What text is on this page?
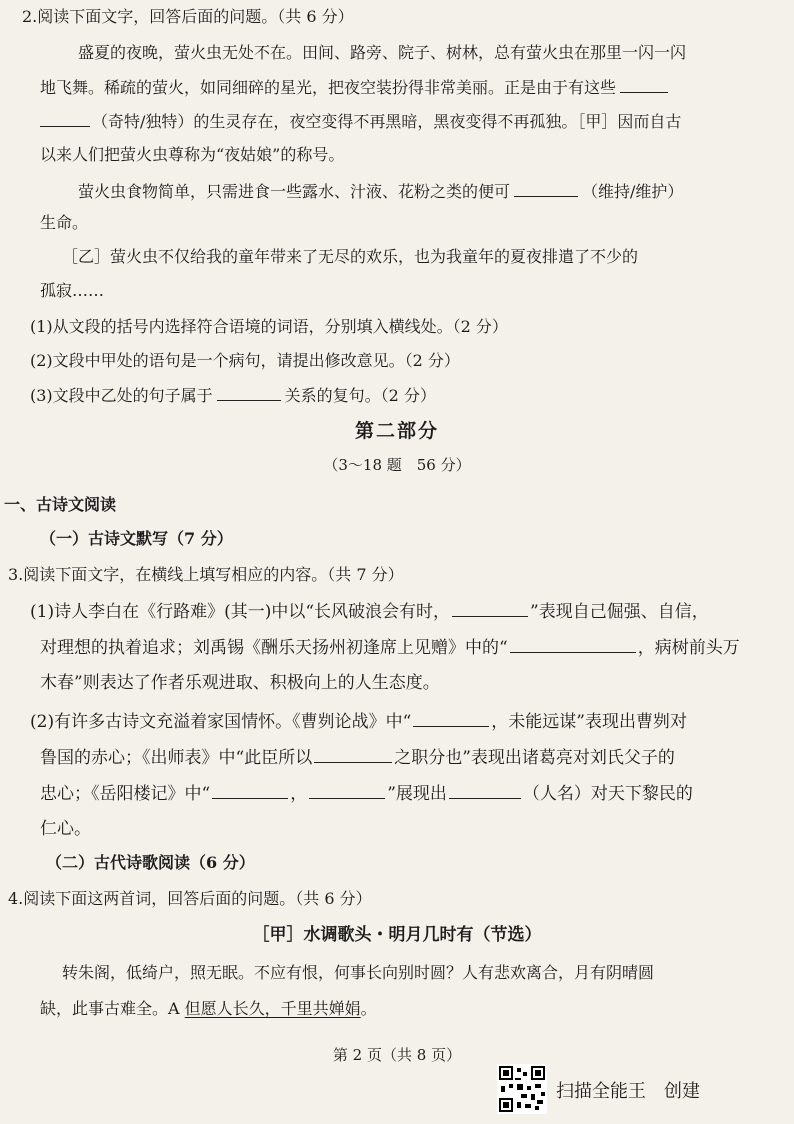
2.阅读下面文字，回答后面的问题。（共 6 分）
盛夏的夜晚，萤火虫无处不在。田间、路旁、院子、树林，总有萤火虫在那里一闪一闪
地飞舞。稀疏的萤火，如同细碎的星光，把夜空装扮得非常美丽。正是由于有这些
（奇特/独特）的生灵存在，夜空变得不再黑暗，黑夜变得不再孤独。［甲］因而自古
以来人们把萤火虫尊称为“夜姑娘”的称号。
萤火虫食物简单，只需进食一些露水、汁液、花粉之类的便可	（维持/维护）
生命。
［乙］萤火虫不仅给我的童年带来了无尽的欢乐，也为我童年的夏夜排遣了不少的
孤寂……
(1)从文段的括号内选择符合语境的词语，分别填入横线处。（2 分）
(2)文段中甲处的语句是一个病句，请提出修改意见。（2 分）
(3)文段中乙处的句子属于	关系的复句。（2 分）
第二部分
（3～18 题　56 分）
一、古诗文阅读
（一）古诗文默写（7 分）
3.阅读下面文字，在横线上填写相应的内容。（共 7 分）
(1)诗人李白在《行路难》(其一)中以“长风破浪会有时，	”表现自己倔强、自信，
对理想的执着追求；刘禹锡《酬乐天扬州初逢席上见赠》中的“	，病树前头万
木春”则表达了作者乐观进取、积极向上的人生态度。
(2)有许多古诗文充溢着家国情怀。《曹刿论战》中“	，未能远谋”表现出曹刿对
鲁国的赤心；《出师表》中“此臣所以	之职分也”表现出诸葛亮对刘氏父子的
忠心；《岳阳楼记》中“	，	”展现出	（人名）对天下黎民的
仁心。
（二）古代诗歌阅读（6 分）
4.阅读下面这两首词，回答后面的问题。（共 6 分）
［甲］水调歌头・明月几时有（节选）
转朱阁，低绮户，照无眠。不应有恨，何事长向别时圆？人有悲欢离合，月有阴晴圆
缺，此事古难全。A 但愿人长久，千里共婵娟。
第 2 页（共 8 页）
扫描全能王　创建
